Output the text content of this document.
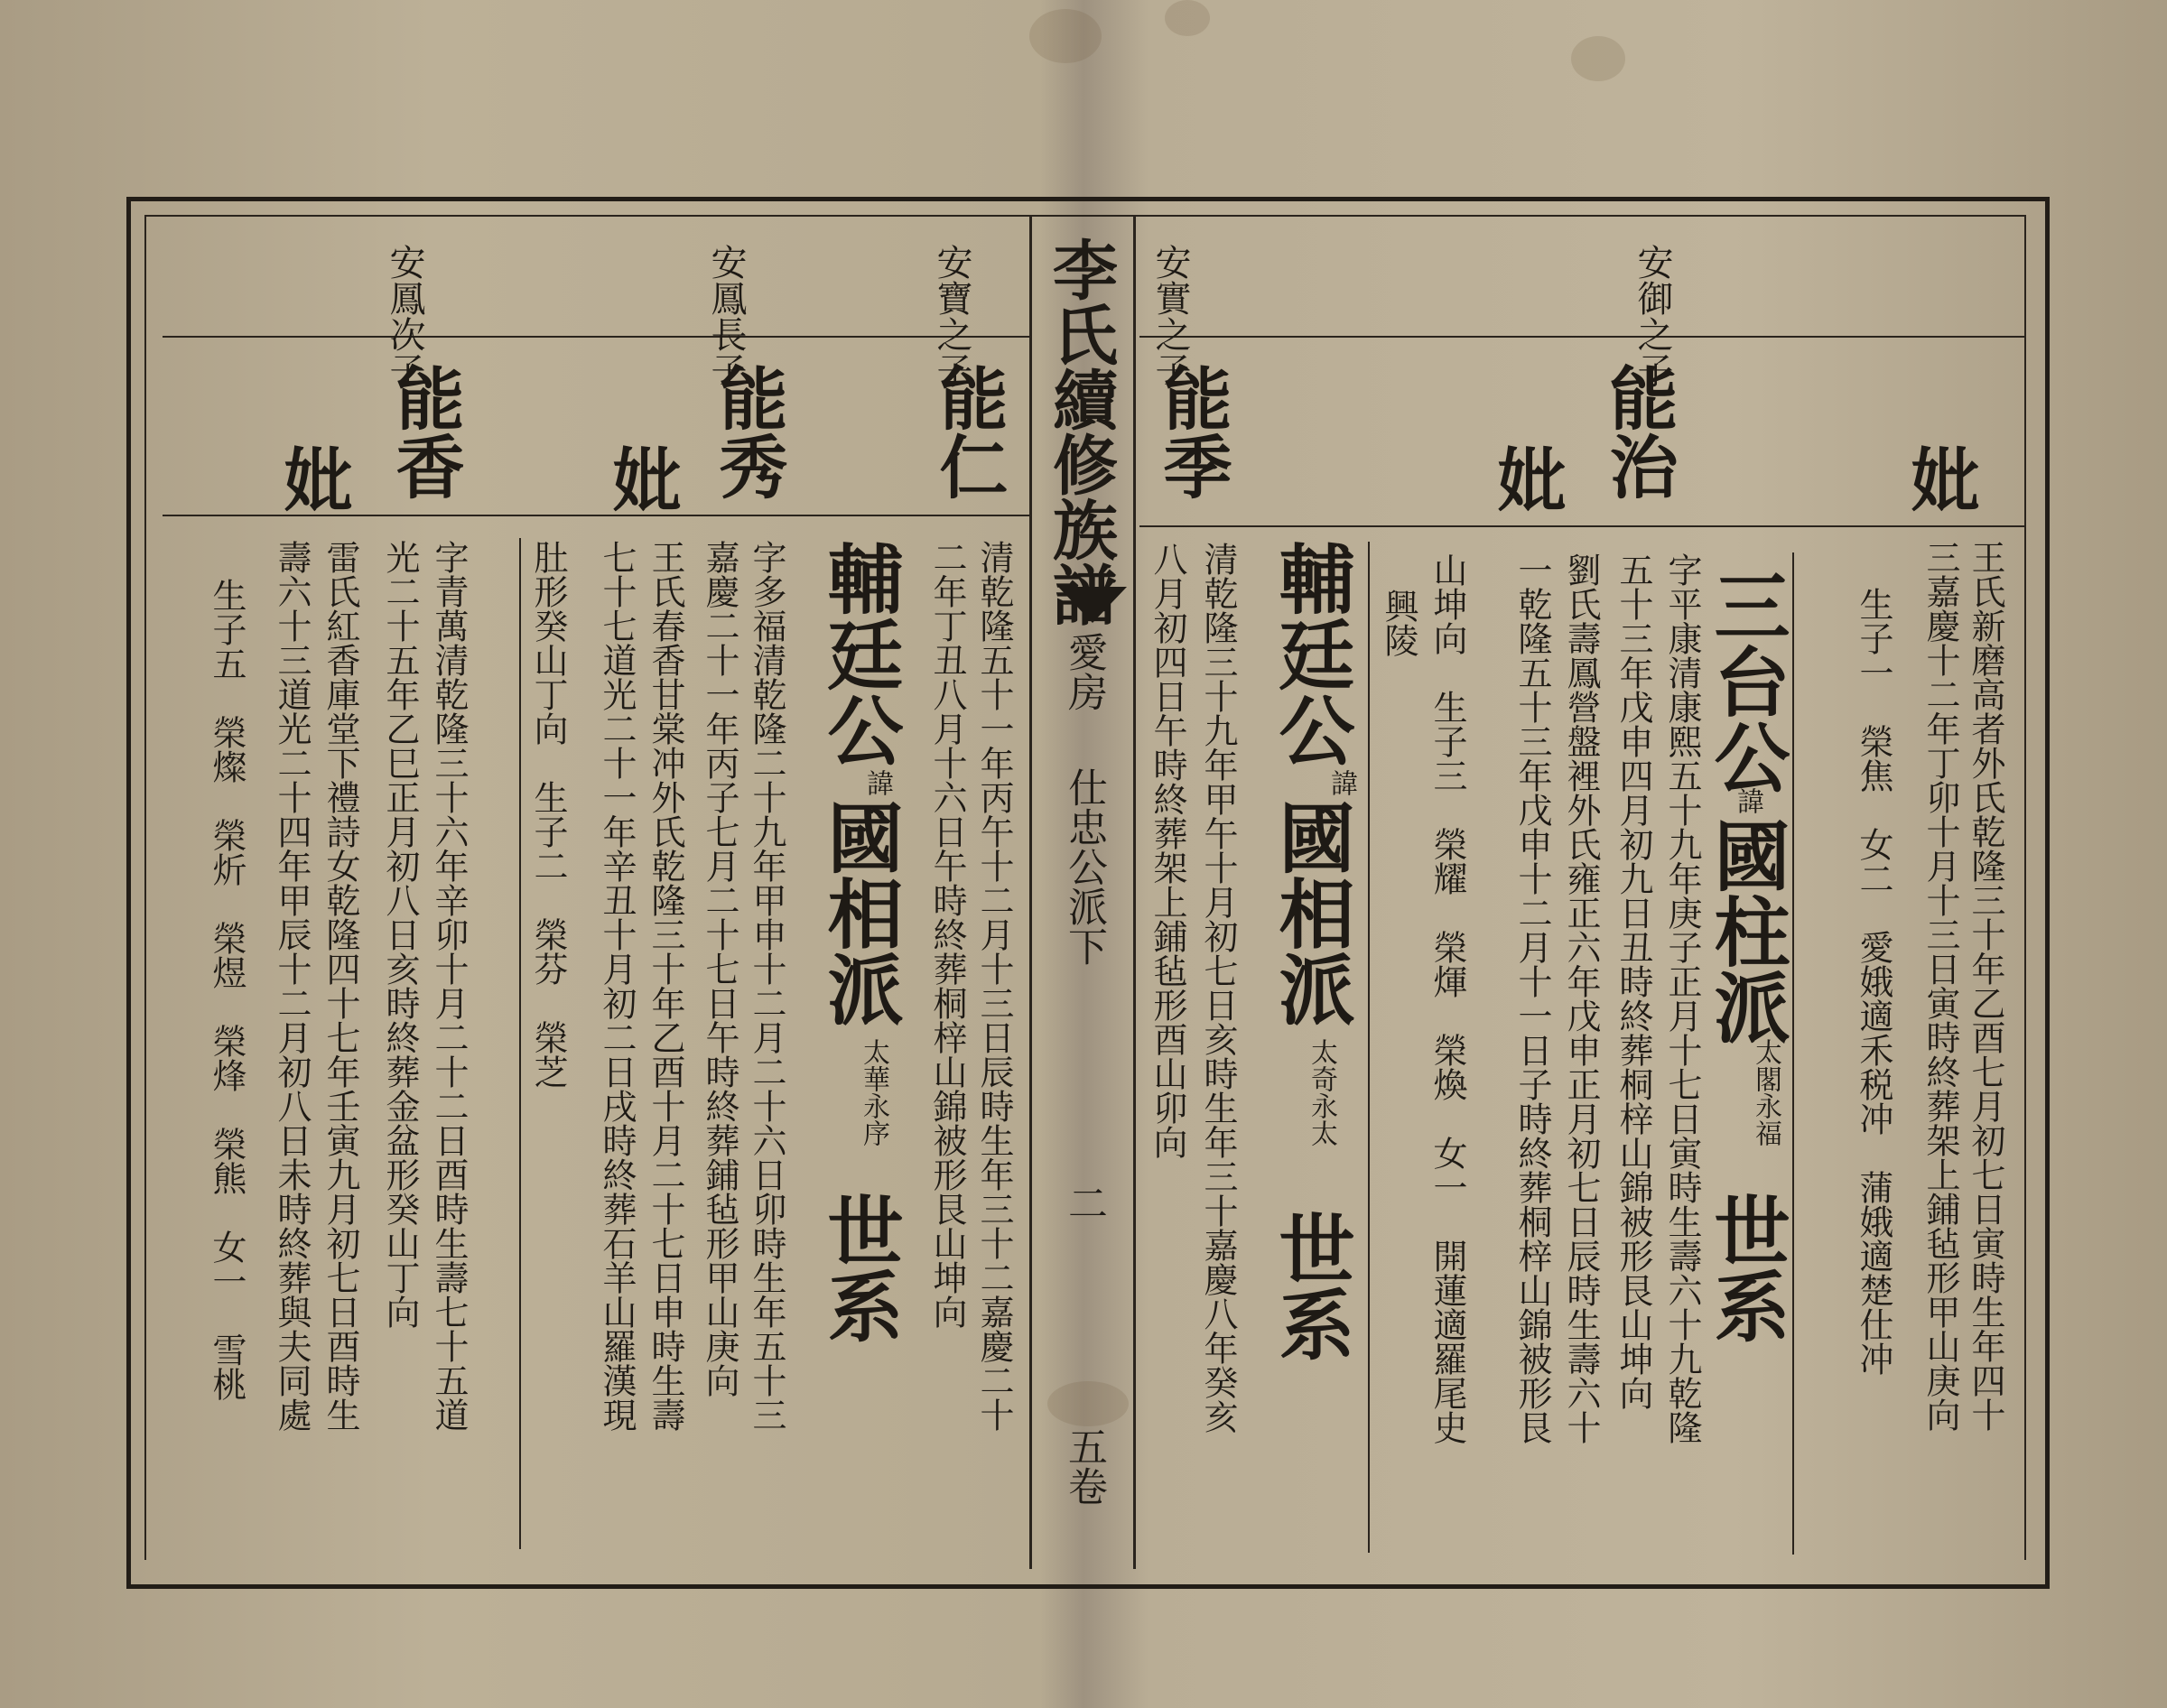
李氏續修族譜
愛房
仕忠公派下
二
五卷
安御之子
安實之子
安寶之子
安鳳長子
安鳳次子
妣
能治
妣
能季
能仁
能秀
妣
能香
妣
王氏新磨高者外氏乾隆三十年乙酉七月初七日寅時生年四十
三嘉慶十二年丁卯十月十三日寅時終葬架上鋪毡形甲山庚向
生子一　榮焦　女二　愛娥適禾税冲　蒲娥適楚仕冲
三台公
諱
國柱派
太閣永福
世系
字平康清康熙五十九年庚子正月十七日寅時生壽六十九乾隆
五十三年戊申四月初九日丑時終葬桐梓山錦被形艮山坤向
劉氏壽鳳營盤裡外氏雍正六年戊申正月初七日辰時生壽六十
一乾隆五十三年戊申十二月十一日子時終葬桐梓山錦被形艮
山坤向　生子三　榮耀　榮煇　榮煥　女一　開蓮適羅尾史
興陵
輔廷公
諱
國相派
太奇永太
世系
清乾隆三十九年甲午十月初七日亥時生年三十嘉慶八年癸亥
八月初四日午時終葬架上鋪毡形酉山卯向
清乾隆五十一年丙午十二月十三日辰時生年三十二嘉慶二十
二年丁丑八月十六日午時終葬桐梓山錦被形艮山坤向
輔廷公
諱
國相派
太華永序
世系
字多福清乾隆二十九年甲申十二月二十六日卯時生年五十三
嘉慶二十一年丙子七月二十七日午時終葬鋪毡形甲山庚向
王氏春香甘棠冲外氏乾隆三十年乙酉十月二十七日申時生壽
七十七道光二十一年辛丑十月初二日戌時終葬石羊山羅漢現
肚形癸山丁向　生子二　榮芬　榮芝
字青萬清乾隆三十六年辛卯十月二十二日酉時生壽七十五道
光二十五年乙巳正月初八日亥時終葬金盆形癸山丁向
雷氏紅香庫堂下禮詩女乾隆四十七年壬寅九月初七日酉時生
壽六十三道光二十四年甲辰十二月初八日未時終葬與夫同處
生子五　榮燦　榮炘　榮煜　榮烽　榮熊　女一　雪桃
